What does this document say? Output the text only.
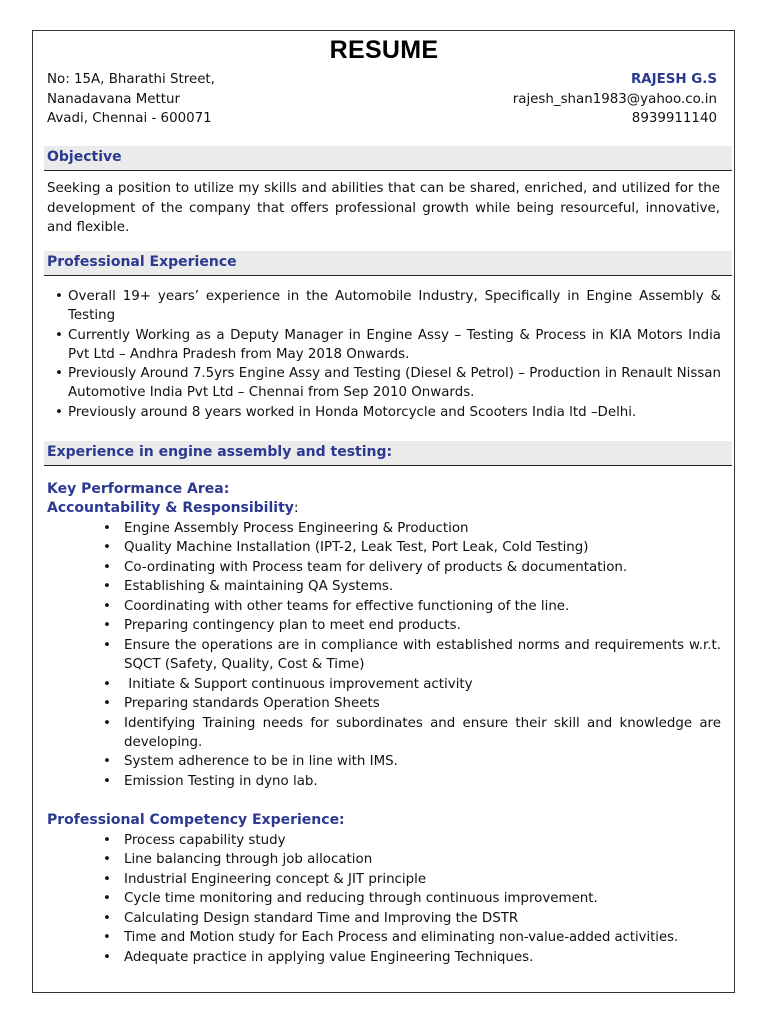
RESUME
No: 15A, Bharathi Street,
Nanadavana Mettur
Avadi, Chennai - 600071
RAJESH G.S
rajesh_shan1983@yahoo.co.in
8939911140
Objective
Seeking a position to utilize my skills and abilities that can be shared, enriched, and utilized for the development of the company that offers professional growth while being resourceful, innovative, and flexible.
Professional Experience
• Overall 19+ years’ experience in the Automobile Industry, Specifically in Engine Assembly & Testing
• Currently Working as a Deputy Manager in Engine Assy – Testing & Process in KIA Motors India Pvt Ltd – Andhra Pradesh from May 2018 Onwards.
• Previously Around 7.5yrs Engine Assy and Testing (Diesel & Petrol) – Production in Renault Nissan Automotive India Pvt Ltd – Chennai from Sep 2010 Onwards.
• Previously around 8 years worked in Honda Motorcycle and Scooters India ltd –Delhi.
Experience in engine assembly and testing:
Key Performance Area:
Accountability & Responsibility:
• Engine Assembly Process Engineering & Production
• Quality Machine Installation (IPT-2, Leak Test, Port Leak, Cold Testing)
• Co-ordinating with Process team for delivery of products & documentation.
• Establishing & maintaining QA Systems.
• Coordinating with other teams for effective functioning of the line.
• Preparing contingency plan to meet end products.
• Ensure the operations are in compliance with established norms and requirements w.r.t. SQCT (Safety, Quality, Cost & Time)
• Initiate & Support continuous improvement activity
• Preparing standards Operation Sheets
• Identifying Training needs for subordinates and ensure their skill and knowledge are developing.
• System adherence to be in line with IMS.
• Emission Testing in dyno lab.
Professional Competency Experience:
• Process capability study
• Line balancing through job allocation
• Industrial Engineering concept & JIT principle
• Cycle time monitoring and reducing through continuous improvement.
• Calculating Design standard Time and Improving the DSTR
• Time and Motion study for Each Process and eliminating non-value-added activities.
• Adequate practice in applying value Engineering Techniques.
